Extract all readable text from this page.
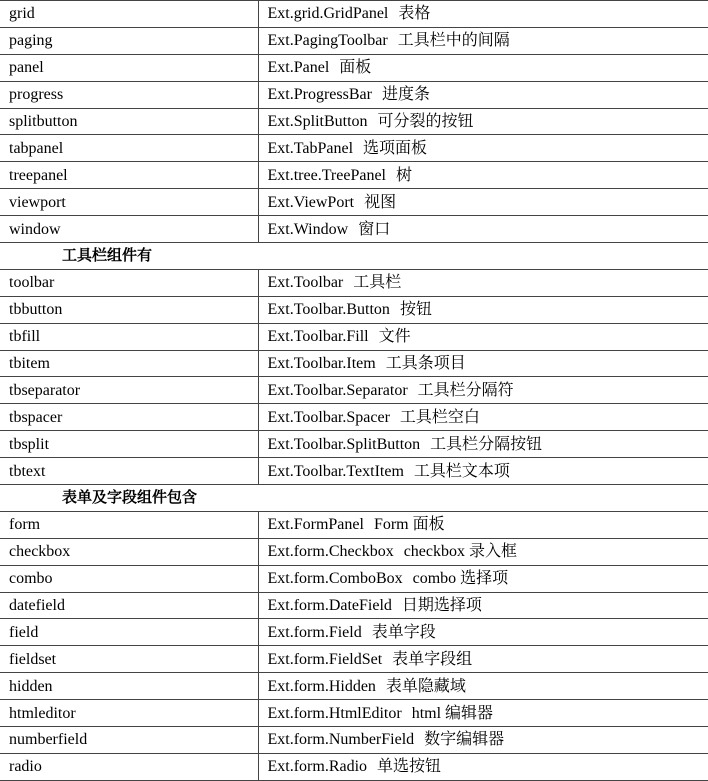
grid	Ext.grid.GridPanel 表格
paging	Ext.PagingToolbar 工具栏中的间隔
panel	Ext.Panel 面板
progress	Ext.ProgressBar 进度条
splitbutton	Ext.SplitButton 可分裂的按钮
tabpanel	Ext.TabPanel 选项面板
treepanel	Ext.tree.TreePanel 树
viewport	Ext.ViewPort 视图
window	Ext.Window 窗口
工具栏组件有	
toolbar	Ext.Toolbar 工具栏
tbbutton	Ext.Toolbar.Button 按钮
tbfill	Ext.Toolbar.Fill 文件
tbitem	Ext.Toolbar.Item 工具条项目
tbseparator	Ext.Toolbar.Separator 工具栏分隔符
tbspacer	Ext.Toolbar.Spacer 工具栏空白
tbsplit	Ext.Toolbar.SplitButton 工具栏分隔按钮
tbtext	Ext.Toolbar.TextItem 工具栏文本项
表单及字段组件包含	
form	Ext.FormPanel Form 面板
checkbox	Ext.form.Checkbox checkbox 录入框
combo	Ext.form.ComboBox combo 选择项
datefield	Ext.form.DateField 日期选择项
field	Ext.form.Field 表单字段
fieldset	Ext.form.FieldSet 表单字段组
hidden	Ext.form.Hidden 表单隐藏域
htmleditor	Ext.form.HtmlEditor html 编辑器
numberfield	Ext.form.NumberField 数字编辑器
radio	Ext.form.Radio 单选按钮
